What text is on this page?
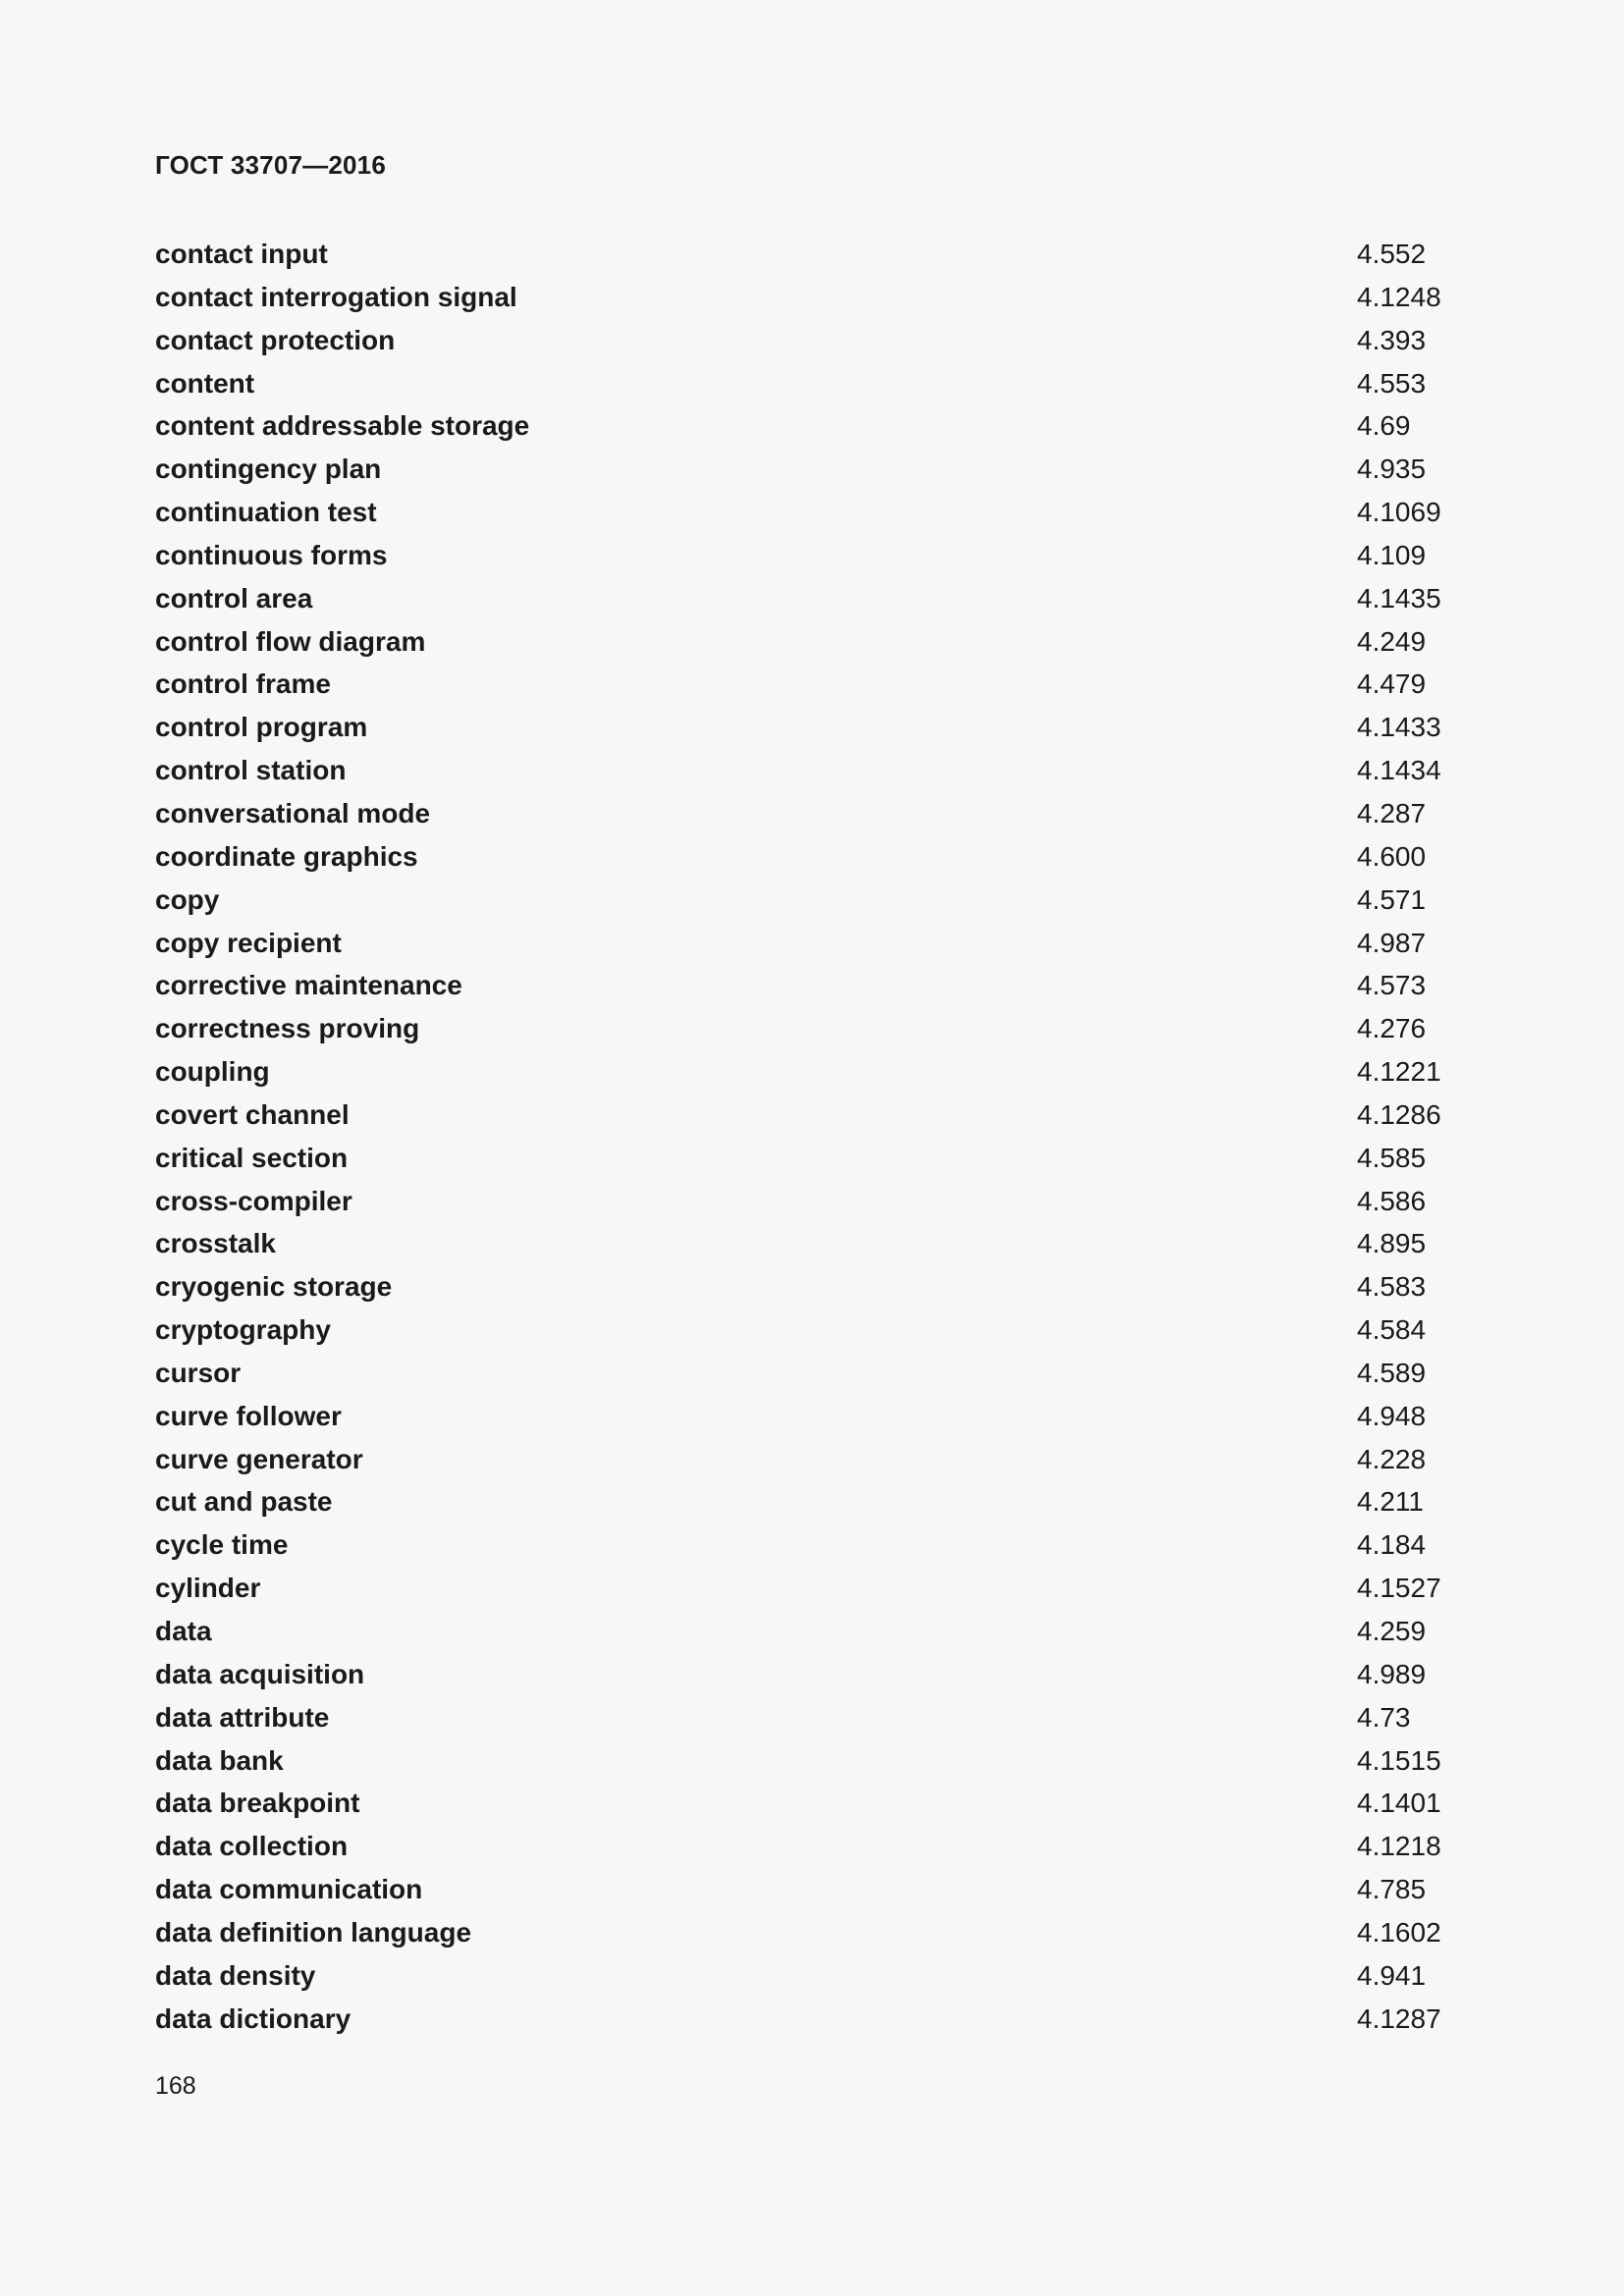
ГОСТ 33707—2016
contact input	4.552
contact interrogation signal	4.1248
contact protection	4.393
content	4.553
content addressable storage	4.69
contingency plan	4.935
continuation test	4.1069
continuous forms	4.109
control area	4.1435
control flow diagram	4.249
control frame	4.479
control program	4.1433
control station	4.1434
conversational mode	4.287
coordinate graphics	4.600
copy	4.571
copy recipient	4.987
corrective maintenance	4.573
correctness proving	4.276
coupling	4.1221
covert channel	4.1286
critical section	4.585
cross-compiler	4.586
crosstalk	4.895
cryogenic storage	4.583
cryptography	4.584
cursor	4.589
curve follower	4.948
curve generator	4.228
cut and paste	4.211
cycle time	4.184
cylinder	4.1527
data	4.259
data acquisition	4.989
data attribute	4.73
data bank	4.1515
data breakpoint	4.1401
data collection	4.1218
data communication	4.785
data definition language	4.1602
data density	4.941
data dictionary	4.1287
168
